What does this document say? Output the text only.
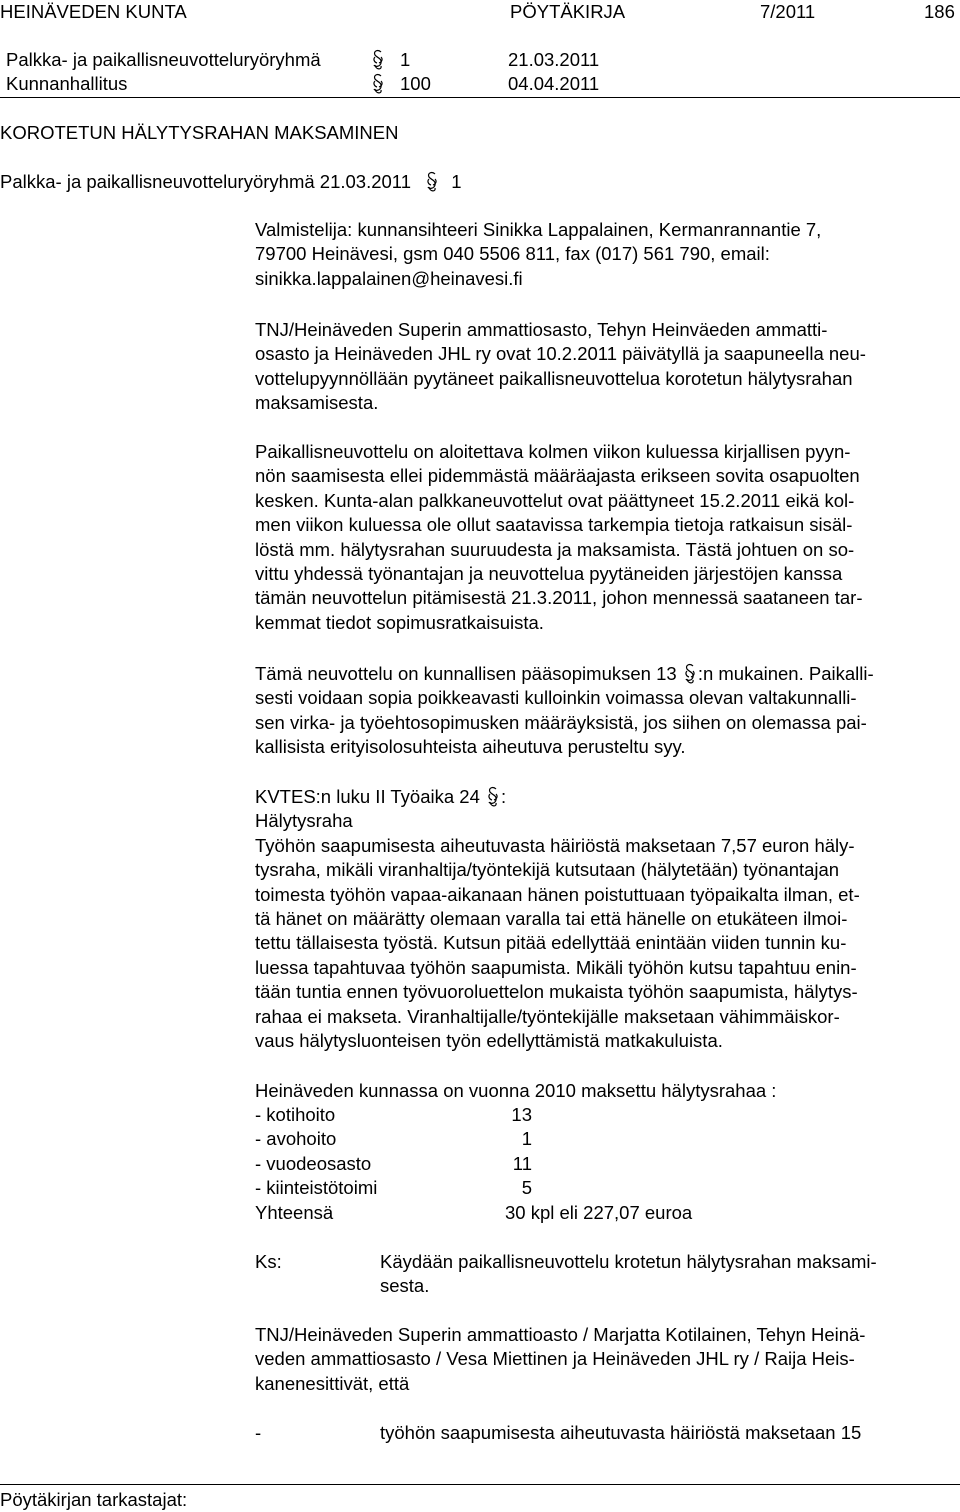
HEINÄVEDEN KUNTA	PÖYTÄKIRJA	7/2011	186
Palkka- ja paikallisneuvotteluryöryhmä	1	21.03.2011
Kunnanhallitus	100	04.04.2011
KOROTETUN HÄLYTYSRAHAN MAKSAMINEN
Palkka- ja paikallisneuvotteluryöryhmä 21.03.2011 1
Valmistelija: kunnansihteeri Sinikka Lappalainen, Kermanrannantie 7,
79700 Heinävesi, gsm 040 5506 811, fax (017) 561 790, email:
sinikka.lappalainen@heinavesi.fi
TNJ/Heinäveden Superin ammattiosasto, Tehyn Heinväeden ammatti-
osasto ja Heinäveden JHL ry ovat 10.2.2011 päivätyllä ja saapuneella neu-
vottelupyynnöllään pyytäneet paikallisneuvottelua korotetun hälytysrahan
maksamisesta.
Paikallisneuvottelu on aloitettava kolmen viikon kuluessa kirjallisen pyyn-
nön saamisesta ellei pidemmästä määräajasta erikseen sovita osapuolten
kesken. Kunta-alan palkkaneuvottelut ovat päättyneet 15.2.2011 eikä kol-
men viikon kuluessa ole ollut saatavissa tarkempia tietoja ratkaisun sisäl-
löstä mm. hälytysrahan suuruudesta ja maksamista. Tästä johtuen on so-
vittu yhdessä työnantajan ja neuvottelua pyytäneiden järjestöjen kanssa
tämän neuvottelun pitämisestä 21.3.2011, johon mennessä saataneen tar-
kemmat tiedot sopimusratkaisuista.
Tämä neuvottelu on kunnallisen pääsopimuksen 13
:n mukainen. Paikalli-
sesti voidaan sopia poikkeavasti kulloinkin voimassa olevan valtakunnalli-
sen virka- ja työehtosopimusken määräyksistä, jos siihen on olemassa pai-
kallisista erityisolosuhteista aiheutuva perusteltu syy.
KVTES:n luku II Työaika 24
:
Hälytysraha
Työhön saapumisesta aiheutuvasta häiriöstä maksetaan 7,57 euron häly-
tysraha, mikäli viranhaltija/työntekijä kutsutaan (hälytetään) työnantajan
toimesta työhön vapaa-aikanaan hänen poistuttuaan työpaikalta ilman, et-
tä hänet on määrätty olemaan varalla tai että hänelle on etukäteen ilmoi-
tettu tällaisesta työstä. Kutsun pitää edellyttää enintään viiden tunnin ku-
luessa tapahtuvaa työhön saapumista. Mikäli työhön kutsu tapahtuu enin-
tään tuntia ennen työvuoroluettelon mukaista työhön saapumista, hälytys-
rahaa ei makseta. Viranhaltijalle/työntekijälle maksetaan vähimmäiskor-
vaus hälytysluonteisen työn edellyttämistä matkakuluista.
Heinäveden kunnassa on vuonna 2010 maksettu hälytysrahaa :
- kotihoito	13
- avohoito	1
- vuodeosasto	11
- kiinteistötoimi	5
Yhteensä	30 kpl eli 227,07 euroa
Ks:	Käydään paikallisneuvottelu krotetun hälytysrahan maksami-
sesta.
TNJ/Heinäveden Superin ammattioasto / Marjatta Kotilainen, Tehyn Heinä-
veden ammattiosasto / Vesa Miettinen ja Heinäveden JHL ry / Raija Heis-
kanenesittivät, että
-	työhön saapumisesta aiheutuvasta häiriöstä maksetaan 15
Pöytäkirjan tarkastajat:
